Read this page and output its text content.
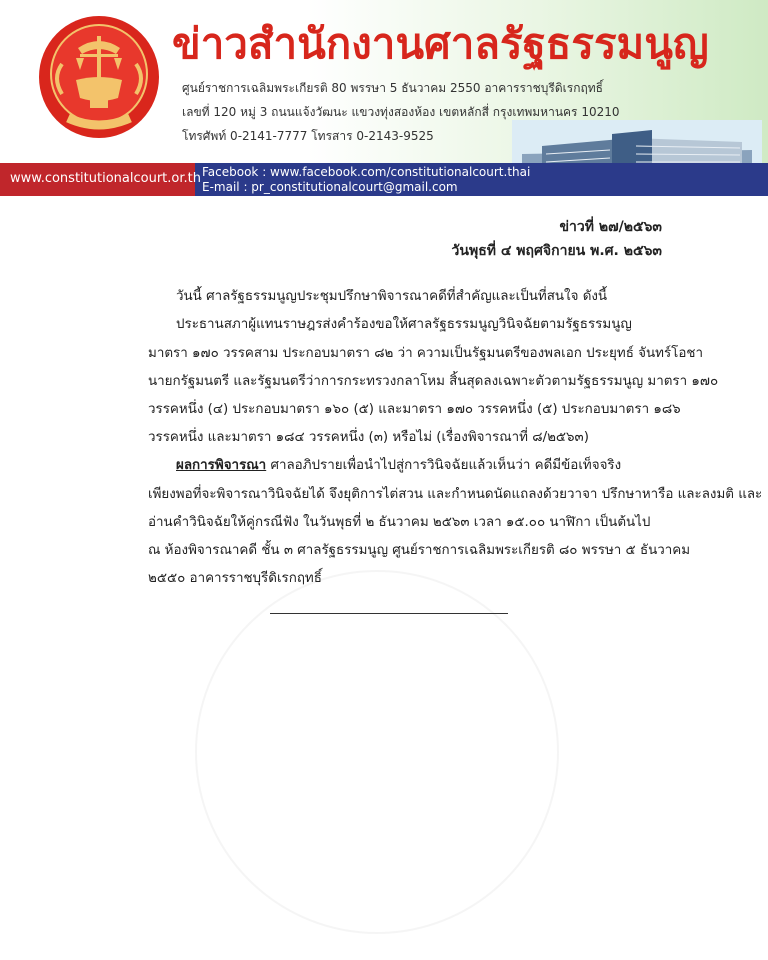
ข่าวสำนักงานศาลรัฐธรรมนูญ
ศูนย์ราชการเฉลิมพระเกียรติ 80 พรรษา 5 ธันวาคม 2550 อาคารราชบุรีดิเรกฤทธิ์
เลขที่ 120 หมู่ 3 ถนนแจ้งวัฒนะ แขวงทุ่งสองห้อง เขตหลักสี่ กรุงเทพมหานคร 10210
โทรศัพท์ 0-2141-7777 โทรสาร 0-2143-9525
www.constitutionalcourt.or.th Facebook : www.facebook.com/constitutionalcourt.thai
E-mail : pr_constitutionalcourt@gmail.com
ข่าวที่ ๒๗/๒๕๖๓
วันพุธที่ ๔ พฤศจิกายน พ.ศ. ๒๕๖๓
วันนี้ ศาลรัฐธรรมนูญประชุมปรึกษาพิจารณาคดีที่สำคัญและเป็นที่สนใจ ดังนี้
ประธานสภาผู้แทนราษฎรส่งคำร้องขอให้ศาลรัฐธรรมนูญวินิจฉัยตามรัฐธรรมนูญ
มาตรา ๑๗๐ วรรคสาม ประกอบมาตรา ๘๒ ว่า ความเป็นรัฐมนตรีของพลเอก ประยุทธ์ จันทร์โอชา
นายกรัฐมนตรี และรัฐมนตรีว่าการกระทรวงกลาโหม สิ้นสุดลงเฉพาะตัวตามรัฐธรรมนูญ มาตรา ๑๗๐
วรรคหนึ่ง (๔) ประกอบมาตรา ๑๖๐ (๕) และมาตรา ๑๗๐ วรรคหนึ่ง (๕) ประกอบมาตรา ๑๘๖
วรรคหนึ่ง และมาตรา ๑๘๔ วรรคหนึ่ง (๓) หรือไม่ (เรื่องพิจารณาที่ ๘/๒๕๖๓)
ผลการพิจารณา ศาลอภิปรายเพื่อนำไปสู่การวินิจฉัยแล้วเห็นว่า คดีมีข้อเท็จจริง
เพียงพอที่จะพิจารณาวินิจฉัยได้ จึงยุติการไต่สวน และกำหนดนัดแถลงด้วยวาจา ปรึกษาหารือ และลงมติ และ
อ่านคำวินิจฉัยให้คู่กรณีฟัง ในวันพุธที่ ๒ ธันวาคม ๒๕๖๓ เวลา ๑๕.๐๐ นาฬิกา เป็นต้นไป
ณ ห้องพิจารณาคดี ชั้น ๓ ศาลรัฐธรรมนูญ ศูนย์ราชการเฉลิมพระเกียรติ ๘๐ พรรษา ๕ ธันวาคม
๒๕๕๐ อาคารราชบุรีดิเรกฤทธิ์
